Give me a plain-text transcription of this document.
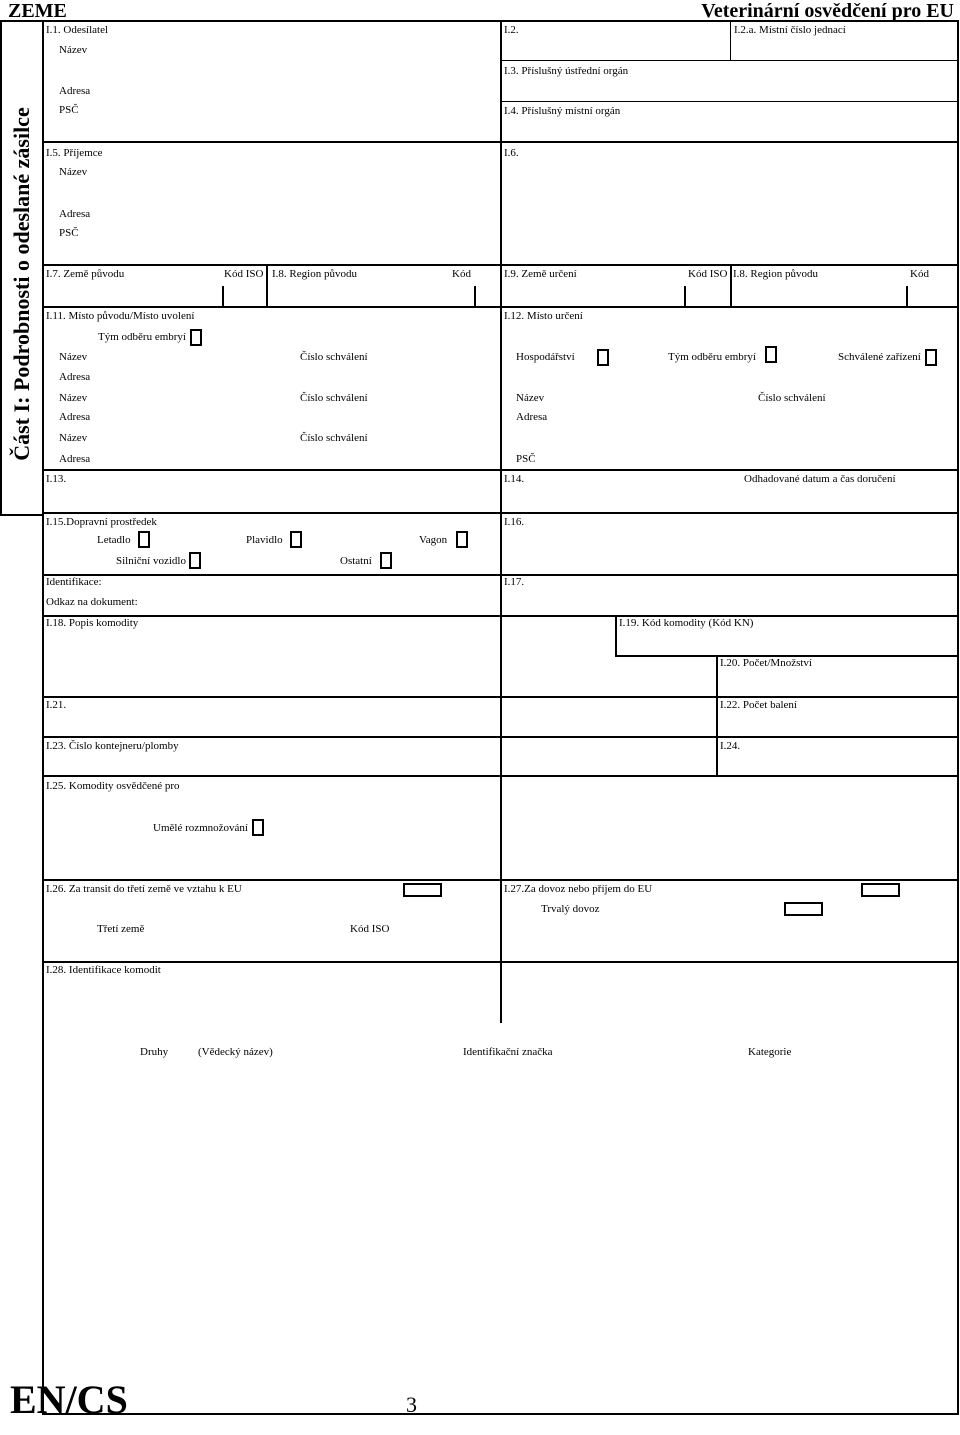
ZEME	Veterinární osvědčení pro EU
Část I: Podrobnosti o odeslané zásilce
I.1. Odesílatel
Název
Adresa
PSČ
I.2.	I.2.a. Místní číslo jednací
I.3. Příslušný ústřední orgán
I.4. Příslušný místní orgán
I.5. Příjemce
Název
Adresa
PSČ
I.6.
I.7. Země původu	Kód ISO I.8. Region původu	Kód	I.9. Země určení	Kód ISO I.8. Region původu	Kód
I.11. Místo původu/Místo uvolení
Tým odběru embryí
Název	Číslo schválení
Adresa
Název	Číslo schválení
Adresa
Název	Číslo schválení
Adresa
I.12. Místo určení
Hospodářství	Tým odběru embryí	Schválené zařízení
Název	Číslo schválení
Adresa
PSČ
I.13.	I.14.	Odhadované datum a čas doručení
I.15.Dopravní prostředek
Letadlo	Plavidlo	Vagon
Silniční vozidlo	Ostatní
Identifikace:
Odkaz na dokument:
I.16.
I.17.
I.18. Popis komodity	I.19. Kód komodity (Kód KN)
I.20. Počet/Množství
I.21.	I.22. Počet balení
I.23. Číslo kontejneru/plomby	I.24.
I.25. Komodity osvědčené pro
Umělé rozmnožování
I.26. Za transit do třetí země ve vztahu k EU
Třetí země	Kód ISO
I.27.Za dovoz nebo příjem do EU
Trvalý dovoz
I.28. Identifikace komodit
Druhy	(Vědecký název)	Identifikační značka	Kategorie
EN/CS	3
